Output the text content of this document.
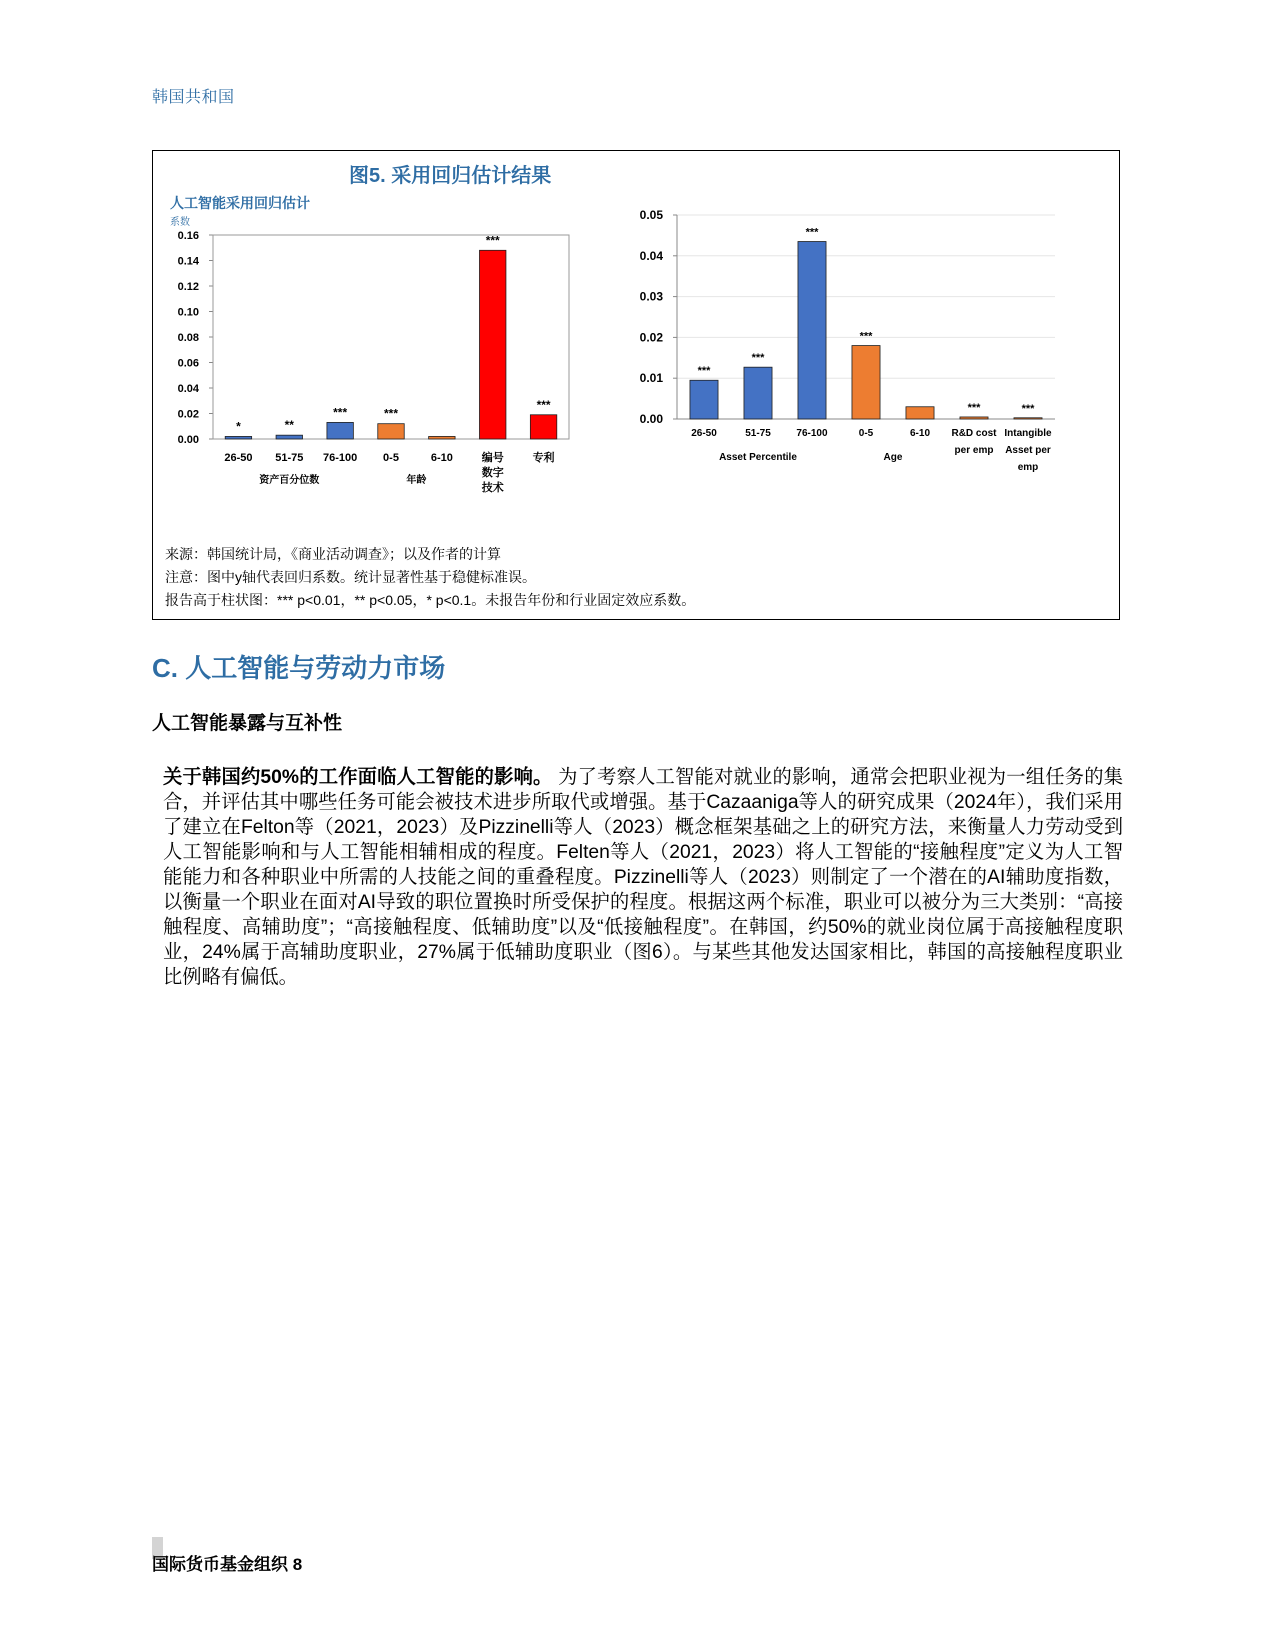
韩国共和国
图5. 采用回归估计结果
人工智能采用回归估计
系数
0.00
0.02
0.04
0.06
0.08
0.10
0.12
0.14
0.16
*
26-50
**
51-75
***
76-100
***
0-5	6-10
***
编号
数字
技术
***
专利
资产百分位数	年龄
0.00
0.01
0.02
0.03
0.04
0.05
***
26-50
***
51-75
***
76-100
***
0-5	6-10
***
R&D cost
per emp
***
Intangible
Asset per
emp
Asset Percentile	Age
来源：韩国统计局，《商业活动调查》；以及作者的计算
注意：图中y轴代表回归系数。统计显著性基于稳健标准误。
报告高于柱状图：*** p<0.01，** p<0.05，* p<0.1。未报告年份和行业固定效应系数。
C. 人工智能与劳动力市场
人工智能暴露与互补性
关于韩国约50%的工作面临人工智能的影响。 为了考察人工智能对就业的影响，通常会把职业视为一组任务的集合，并评估其中哪些任务可能会被技术进步所取代或增强。基于Cazaaniga等人的研究成果（2024年），我们采用了建立在Felton等（2021，2023）及Pizzinelli等人（2023）概念框架基础之上的研究方法，来衡量人力劳动受到人工智能影响和与人工智能相辅相成的程度。Felten等人（2021，2023）将人工智能的“接触程度”定义为人工智能能力和各种职业中所需的人技能之间的重叠程度。Pizzinelli等人（2023）则制定了一个潜在的AI辅助度指数，以衡量一个职业在面对AI导致的职位置换时所受保护的程度。根据这两个标准，职业可以被分为三大类别：“高接触程度、高辅助度”；“高接触程度、低辅助度”以及“低接触程度”。在韩国，约50%的就业岗位属于高接触程度职业，24%属于高辅助度职业，27%属于低辅助度职业（图6）。与某些其他发达国家相比，韩国的高接触程度职业比例略有偏低。
国际货币基金组织 8
